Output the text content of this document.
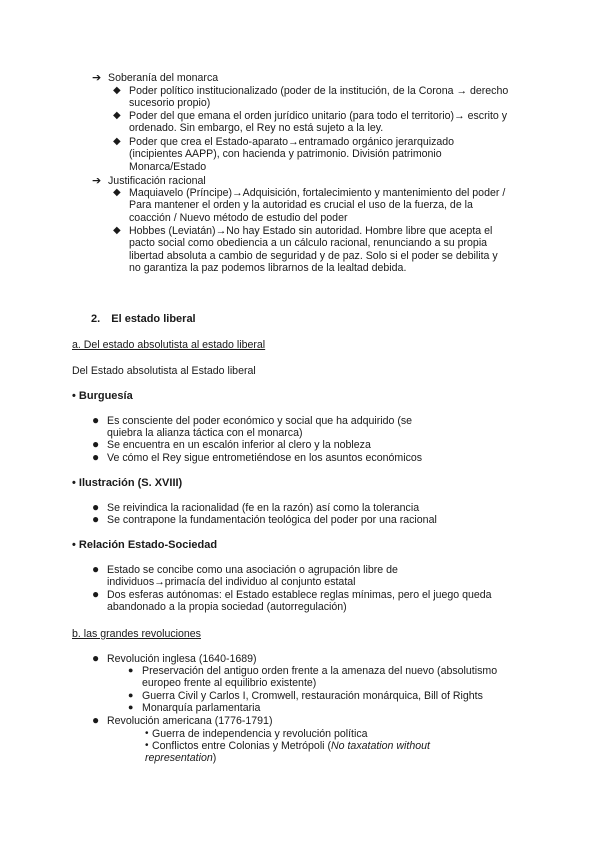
➔ Soberanía del monarca
◆ Poder político institucionalizado (poder de la institución, de la Corona → derecho
sucesorio propio)
◆ Poder del que emana el orden jurídico unitario (para todo el territorio)→ escrito y
ordenado. Sin embargo, el Rey no está sujeto a la ley.
◆ Poder que crea el Estado-aparato→entramado orgánico jerarquizado
(incipientes AAPP), con hacienda y patrimonio. División patrimonio
Monarca/Estado
➔ Justificación racional
◆ Maquiavelo (Príncipe)→Adquisición, fortalecimiento y mantenimiento del poder /
Para mantener el orden y la autoridad es crucial el uso de la fuerza, de la
coacción / Nuevo método de estudio del poder
◆ Hobbes (Leviatán)→No hay Estado sin autoridad. Hombre libre que acepta el
pacto social como obediencia a un cálculo racional, renunciando a su propia
libertad absoluta a cambio de seguridad y de paz. Solo si el poder se debilita y
no garantiza la paz podemos librarnos de la lealtad debida.
2. El estado liberal
a. Del estado absolutista al estado liberal
Del Estado absolutista al Estado liberal
• Burguesía
● Es consciente del poder económico y social que ha adquirido (se
quiebra la alianza táctica con el monarca)
● Se encuentra en un escalón inferior al clero y la nobleza
● Ve cómo el Rey sigue entrometiéndose en los asuntos económicos
• Ilustración (S. XVIII)
● Se reivindica la racionalidad (fe en la razón) así como la tolerancia
● Se contrapone la fundamentación teológica del poder por una racional
• Relación Estado-Sociedad
● Estado se concibe como una asociación o agrupación libre de
individuos→primacía del individuo al conjunto estatal
● Dos esferas autónomas: el Estado establece reglas mínimas, pero el juego queda
abandonado a la propia sociedad (autorregulación)
b. las grandes revoluciones
● Revolución inglesa (1640-1689)
● Preservación del antiguo orden frente a la amenaza del nuevo (absolutismo
europeo frente al equilibrio existente)
● Guerra Civil y Carlos I, Cromwell, restauración monárquica, Bill of Rights
● Monarquía parlamentaria
● Revolución americana (1776-1791)
• Guerra de independencia y revolución política
• Conflictos entre Colonias y Metrópoli (No taxatation without
representation)
